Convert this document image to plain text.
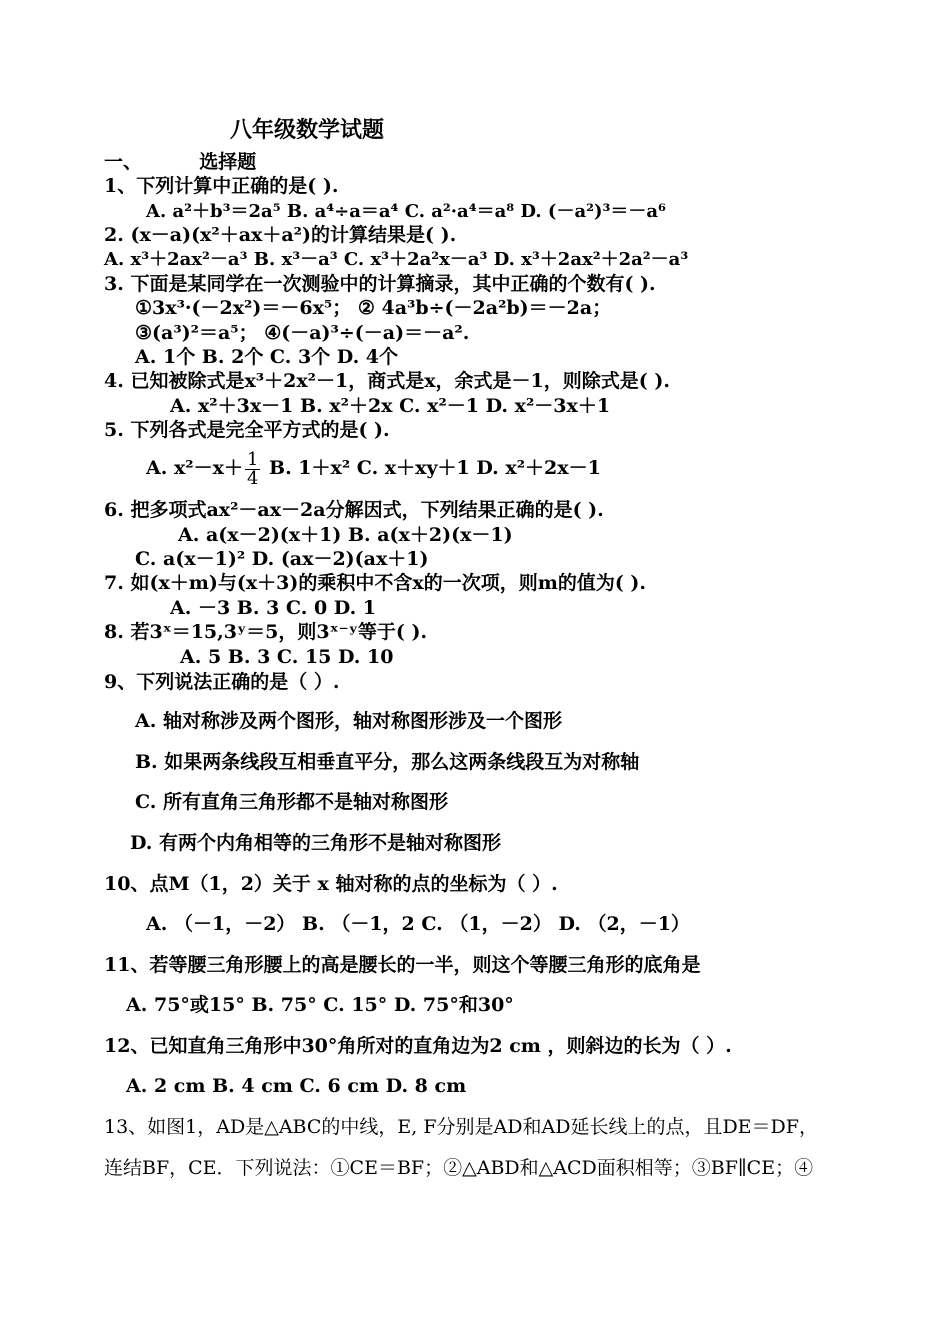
八年级数学试题
一、	选择题
1、下列计算中正确的是( ).
A. a²＋b³＝2a⁵ B. a⁴÷a＝a⁴ C. a²·a⁴＝a⁸ D. (－a²)³＝－a⁶
2. (x－a)(x²＋ax＋a²)的计算结果是( ).
A. x³＋2ax²－a³ B. x³－a³ C. x³＋2a²x－a³ D. x³＋2ax²＋2a²－a³
3. 下面是某同学在一次测验中的计算摘录，其中正确的个数有( ).
①3x³·(－2x²)＝－6x⁵； ② 4a³b÷(－2a²b)＝－2a；
③(a³)²＝a⁵； ④(－a)³÷(－a)＝－a².
A. 1个 B. 2个 C. 3个 D. 4个
4. 已知被除式是x³＋2x²－1，商式是x，余式是－1，则除式是( ).
A. x²＋3x－1 B. x²＋2x C. x²－1 D. x²－3x＋1
5. 下列各式是完全平方式的是( ).
A. $x^2-x+ \frac{1}{4} B$. 1＋x² C. x＋xy＋1 D. x²＋2x－1
6. 把多项式ax²－ax－2a分解因式，下列结果正确的是( ).
A. a(x－2)(x＋1) B. a(x＋2)(x－1)
C. a(x－1)² D. (ax－2)(ax＋1)
7. 如(x＋m)与(x＋3)的乘积中不含x的一次项，则m的值为( ).
A. －3 B. 3 C. 0 D. 1
8. 若3ˣ＝15,3ʸ＝5，则3ˣ⁻ʸ等于( ).
A. 5 B. 3 C. 15 D. 10
9、下列说法正确的是（ ）.
A. 轴对称涉及两个图形，轴对称图形涉及一个图形
B. 如果两条线段互相垂直平分，那么这两条线段互为对称轴
C. 所有直角三角形都不是轴对称图形
D. 有两个内角相等的三角形不是轴对称图形
10、点M（1，2）关于 x 轴对称的点的坐标为（ ）.
A. （－1，－2） B. （－1，2 C. （1，－2） D. （2，－1）
11、若等腰三角形腰上的高是腰长的一半，则这个等腰三角形的底角是
A. 75°或15° B. 75° C. 15° D. 75°和30°
12、已知直角三角形中30°角所对的直角边为2 cm ，则斜边的长为（ ）.
A. 2 cm B. 4 cm C. 6 cm D. 8 cm
13、如图1，AD是△ABC的中线，E, F分别是AD和AD延长线上的点，且DE＝DF，
连结BF，CE．下列说法：①CE＝BF；②△ABD和△ACD面积相等；③BF∥CE；④
